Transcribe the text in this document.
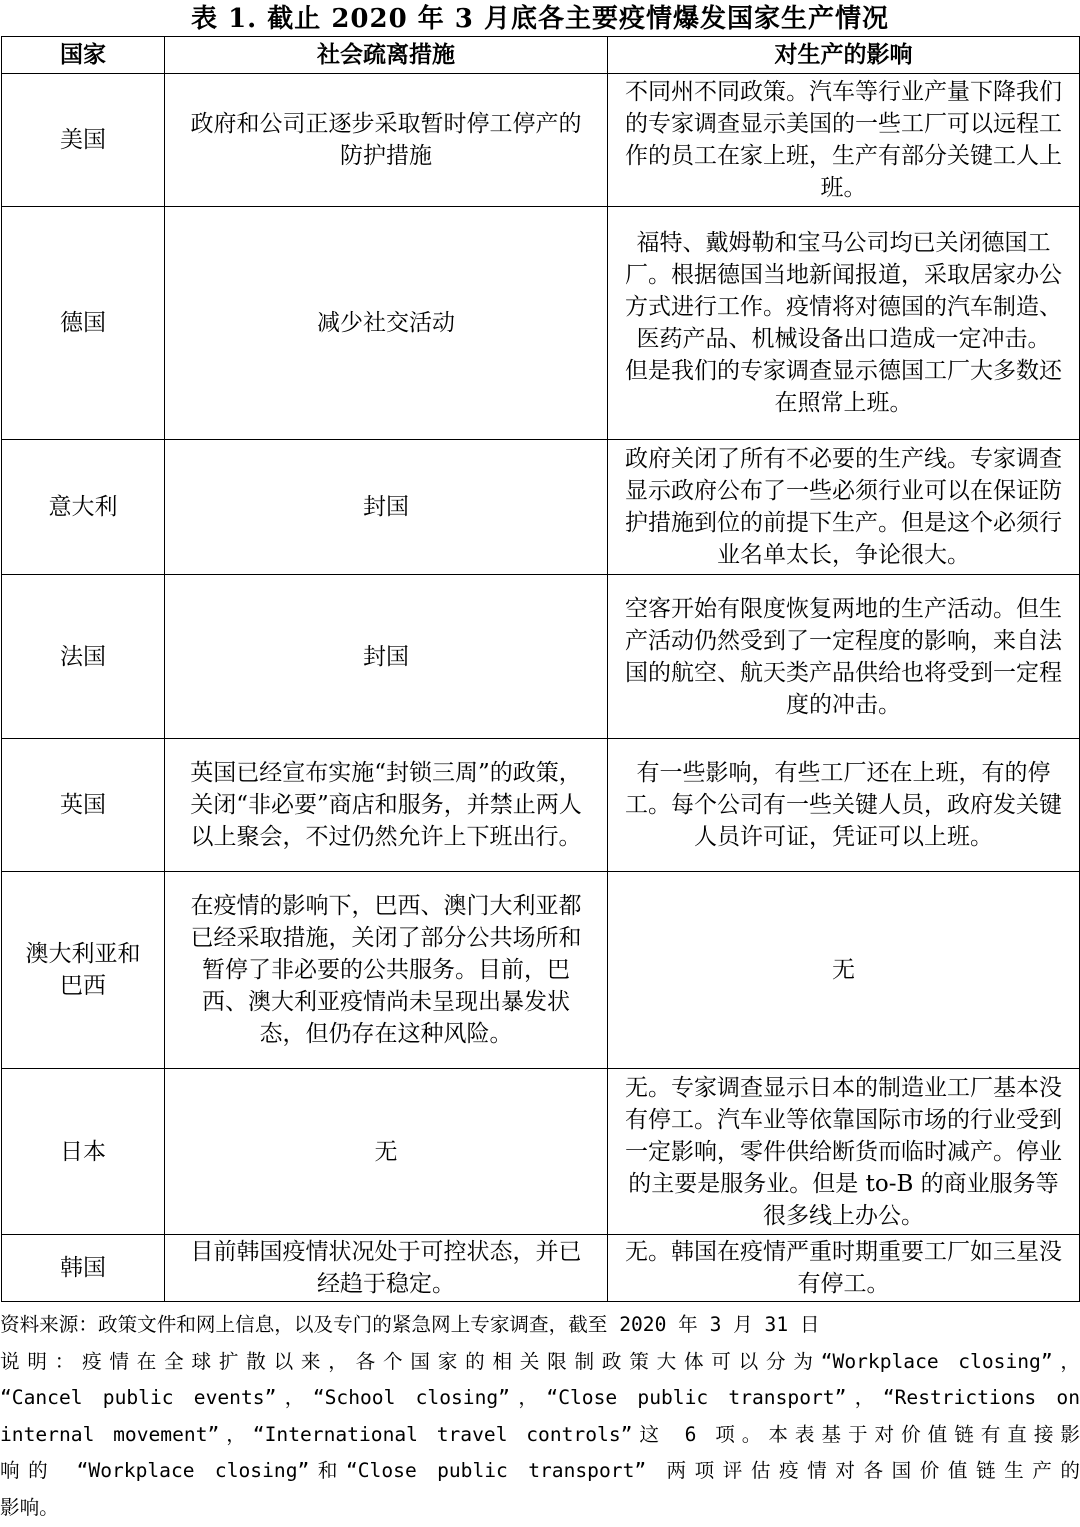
表 1. 截止 2020 年 3 月底各主要疫情爆发国家生产情况
国家	社会疏离措施	对生产的影响
美国	政府和公司正逐步采取暂时停工停产的防护措施	不同州不同政策。汽车等行业产量下降我们的专家调查显示美国的一些工厂可以远程工作的员工在家上班，生产有部分关键工人上班。

德国	减少社交活动	福特、戴姆勒和宝马公司均已关闭德国工厂。根据德国当地新闻报道，采取居家办公方式进行工作。疫情将对德国的汽车制造、医药产品、机械设备出口造成一定冲击。
但是我们的专家调查显示德国工厂大多数还在照常上班。

意大利	封国	政府关闭了所有不必要的生产线。专家调查显示政府公布了一些必须行业可以在保证防护措施到位的前提下生产。但是这个必须行业名单太长，争论很大。

法国	封国	空客开始有限度恢复两地的生产活动。但生产活动仍然受到了一定程度的影响，来自法国的航空、航天类产品供给也将受到一定程度的冲击。

英国	英国已经宣布实施“封锁三周”的政策，关闭“非必要”商店和服务，并禁止两人以上聚会，不过仍然允许上下班出行。	有一些影响，有些工厂还在上班，有的停工。每个公司有一些关键人员，政府发关键人员许可证，凭证可以上班。

澳大利亚和巴西	在疫情的影响下，巴西、澳门大利亚都已经采取措施，关闭了部分公共场所和暂停了非必要的公共服务。目前，巴西、澳大利亚疫情尚未呈现出暴发状态，但仍存在这种风险。	无

日本	无	无。专家调查显示日本的制造业工厂基本没有停工。汽车业等依靠国际市场的行业受到一定影响，零件供给断货而临时减产。停业的主要是服务业。但是 to-B 的商业服务等很多线上办公。

韩国	目前韩国疫情状况处于可控状态，并已经趋于稳定。	无。韩国在疫情严重时期重要工厂如三星没有停工。
资料来源：政策文件和网上信息，以及专门的紧急网上专家调查，截至 2020 年 3 月 31 日
说明：疫情在全球扩散以来，各个国家的相关限制政策大体可以分为“Workplace closing”，
“Cancel public events”，“School closing”，“Close public transport”，“Restrictions on
internal movement”，“International travel controls”这 6 项。本表基于对价值链有直接影
响的 “Workplace closing”和“Close public transport” 两项评估疫情对各国价值链生产的
影响。
